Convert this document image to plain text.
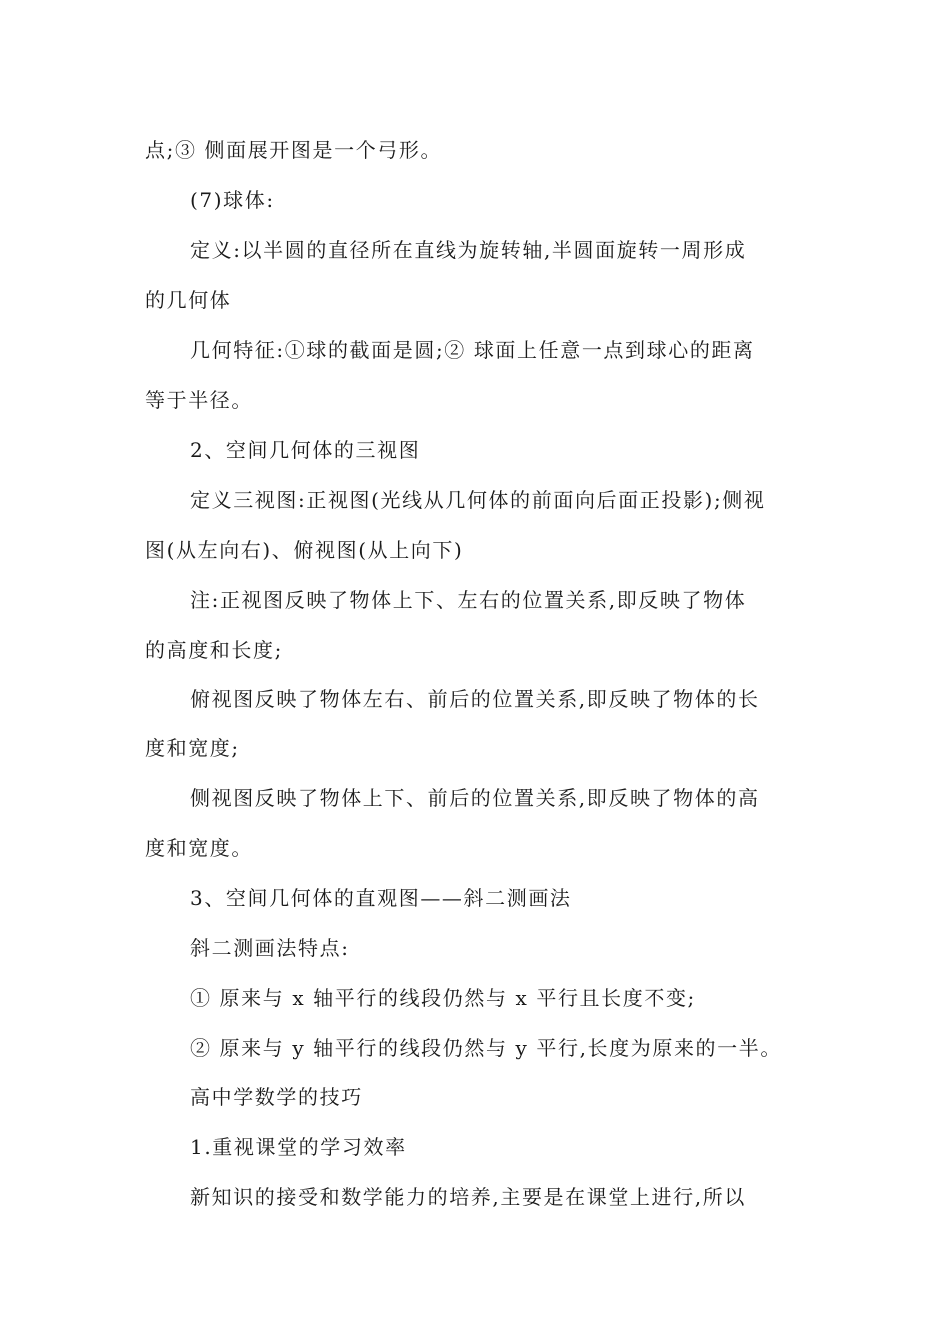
点;③ 侧面展开图是一个弓形。
(7)球体:
定义:以半圆的直径所在直线为旋转轴,半圆面旋转一周形成
的几何体
几何特征:①球的截面是圆;② 球面上任意一点到球心的距离
等于半径。
2、空间几何体的三视图
定义三视图:正视图(光线从几何体的前面向后面正投影);侧视
图(从左向右)、俯视图(从上向下)
注:正视图反映了物体上下、左右的位置关系,即反映了物体
的高度和长度;
俯视图反映了物体左右、前后的位置关系,即反映了物体的长
度和宽度;
侧视图反映了物体上下、前后的位置关系,即反映了物体的高
度和宽度。
3、空间几何体的直观图——斜二测画法
斜二测画法特点:
① 原来与 x 轴平行的线段仍然与 x 平行且长度不变;
② 原来与 y 轴平行的线段仍然与 y 平行,长度为原来的一半。
高中学数学的技巧
1.重视课堂的学习效率
新知识的接受和数学能力的培养,主要是在课堂上进行,所以
